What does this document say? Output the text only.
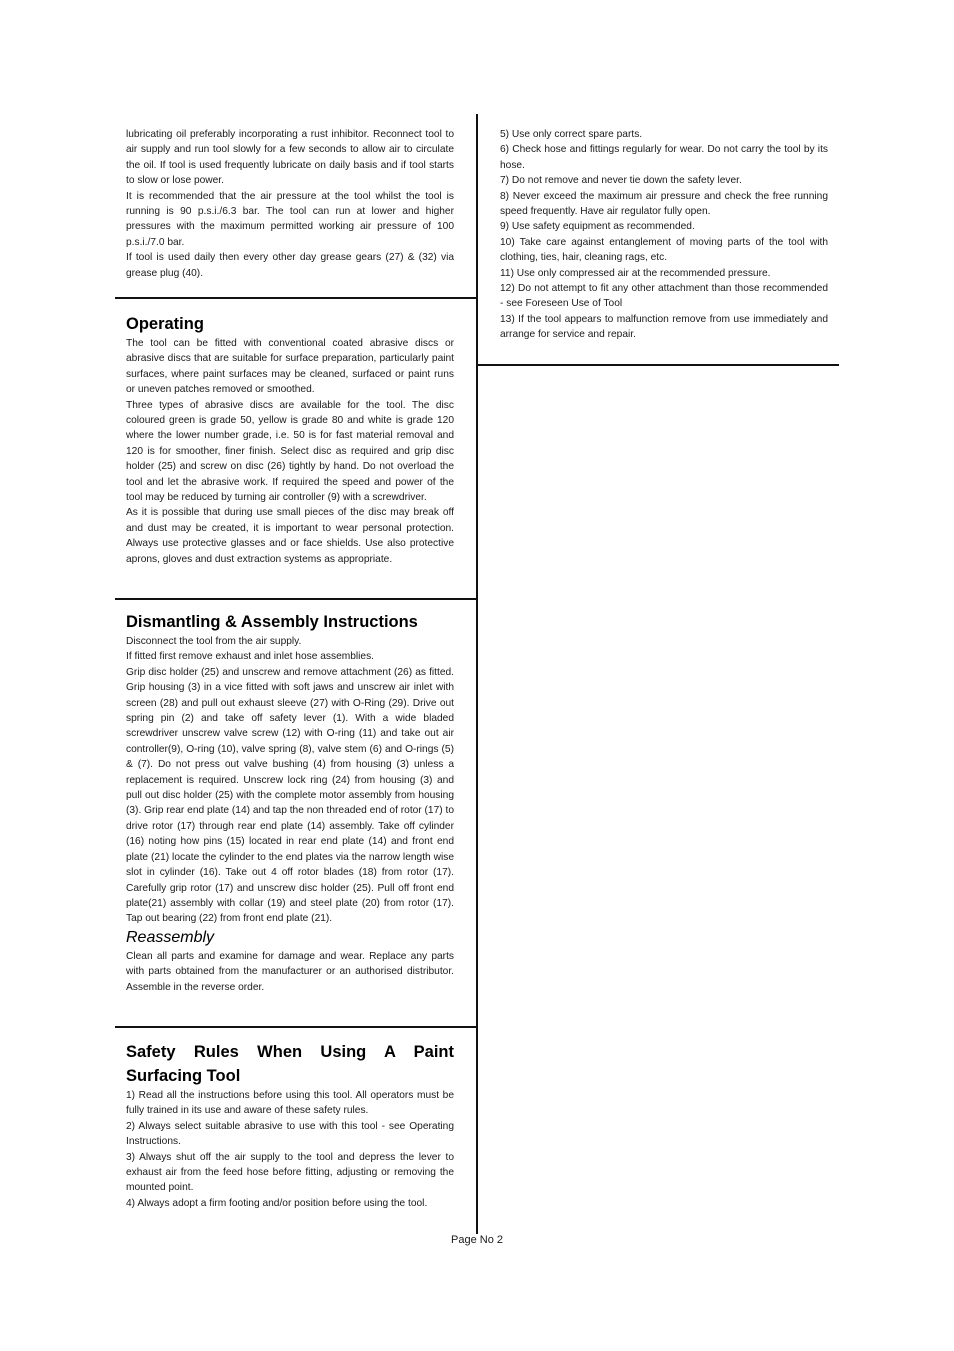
lubricating oil preferably incorporating a rust inhibitor. Reconnect tool to air supply and run tool slowly for a few seconds to allow air to circulate the oil. If tool is used frequently lubricate on daily basis and if tool starts to slow or lose power.

It is recommended that the air pressure at the tool whilst the tool is running is 90 p.s.i./6.3 bar. The tool can run at lower and higher pressures with the maximum permitted working air pressure of 100 p.s.i./7.0 bar.

If tool is used daily then every other day grease gears (27) & (32) via grease plug (40).

Operating

The tool can be fitted with conventional coated abrasive discs or abrasive discs that are suitable for surface preparation, particularly paint surfaces, where paint surfaces may be cleaned, surfaced or paint runs or uneven patches removed or smoothed.

Three types of abrasive discs are available for the tool. The disc coloured green is grade 50, yellow is grade 80 and white is grade 120 where the lower number grade, i.e. 50 is for fast material removal and 120 is for smoother, finer finish. Select disc as required and grip disc holder (25) and screw on disc (26) tightly by hand. Do not overload the tool and let the abrasive work. If required the speed and power of the tool may be reduced by turning air controller (9) with a screwdriver.

As it is possible that during use small pieces of the disc may break off and dust may be created, it is important to wear personal protection. Always use protective glasses and or face shields. Use also protective aprons, gloves and dust extraction systems as appropriate.

Dismantling & Assembly Instructions

Disconnect the tool from the air supply.

If fitted first remove exhaust and inlet hose assemblies.

Grip disc holder (25) and unscrew and remove attachment (26) as fitted. Grip housing (3) in a vice fitted with soft jaws and unscrew air inlet with screen (28) and pull out exhaust sleeve (27) with O-Ring (29). Drive out spring pin (2) and take off safety lever (1). With a wide bladed screwdriver unscrew valve screw (12) with O-ring (11) and take out air controller(9), O-ring (10), valve spring (8), valve stem (6) and O-rings (5) & (7). Do not press out valve bushing (4) from housing (3) unless a replacement is required. Unscrew lock ring (24) from housing (3) and pull out disc holder (25) with the complete motor assembly from housing (3). Grip rear end plate (14) and tap the non threaded end of rotor (17) to drive rotor (17) through rear end plate (14) assembly. Take off cylinder (16) noting how pins (15) located in rear end plate (14) and front end plate (21) locate the cylinder to the end plates via the narrow length wise slot in cylinder (16). Take out 4 off rotor blades (18) from rotor (17). Carefully grip rotor (17) and unscrew disc holder (25). Pull off front end plate(21) assembly with collar (19) and steel plate (20) from rotor (17). Tap out bearing (22) from front end plate (21).

Reassembly

Clean all parts and examine for damage and wear. Replace any parts with parts obtained from the manufacturer or an authorised distributor. Assemble in the reverse order.

Safety Rules When Using A Paint
Surfacing Tool

1) Read all the instructions before using this tool. All operators must be fully trained in its use and aware of these safety rules.

2) Always select suitable abrasive to use with this tool - see Operating Instructions.

3) Always shut off the air supply to the tool and depress the lever to exhaust air from the feed hose before fitting, adjusting or removing the mounted point.

4) Always adopt a firm footing and/or position before using the tool.

5) Use only correct spare parts.

6) Check hose and fittings regularly for wear. Do not carry the tool by its hose.

7) Do not remove and never tie down the safety lever.

8) Never exceed the maximum air pressure and check the free running speed frequently. Have air regulator fully open.

9) Use safety equipment as recommended.

10) Take care against entanglement of moving parts of the tool with clothing, ties, hair, cleaning rags, etc.

11) Use only compressed air at the recommended pressure.

12) Do not attempt to fit any other attachment than those recommended - see Foreseen Use of Tool

13) If the tool appears to malfunction remove from use immediately and arrange for service and repair.

Page No 2
